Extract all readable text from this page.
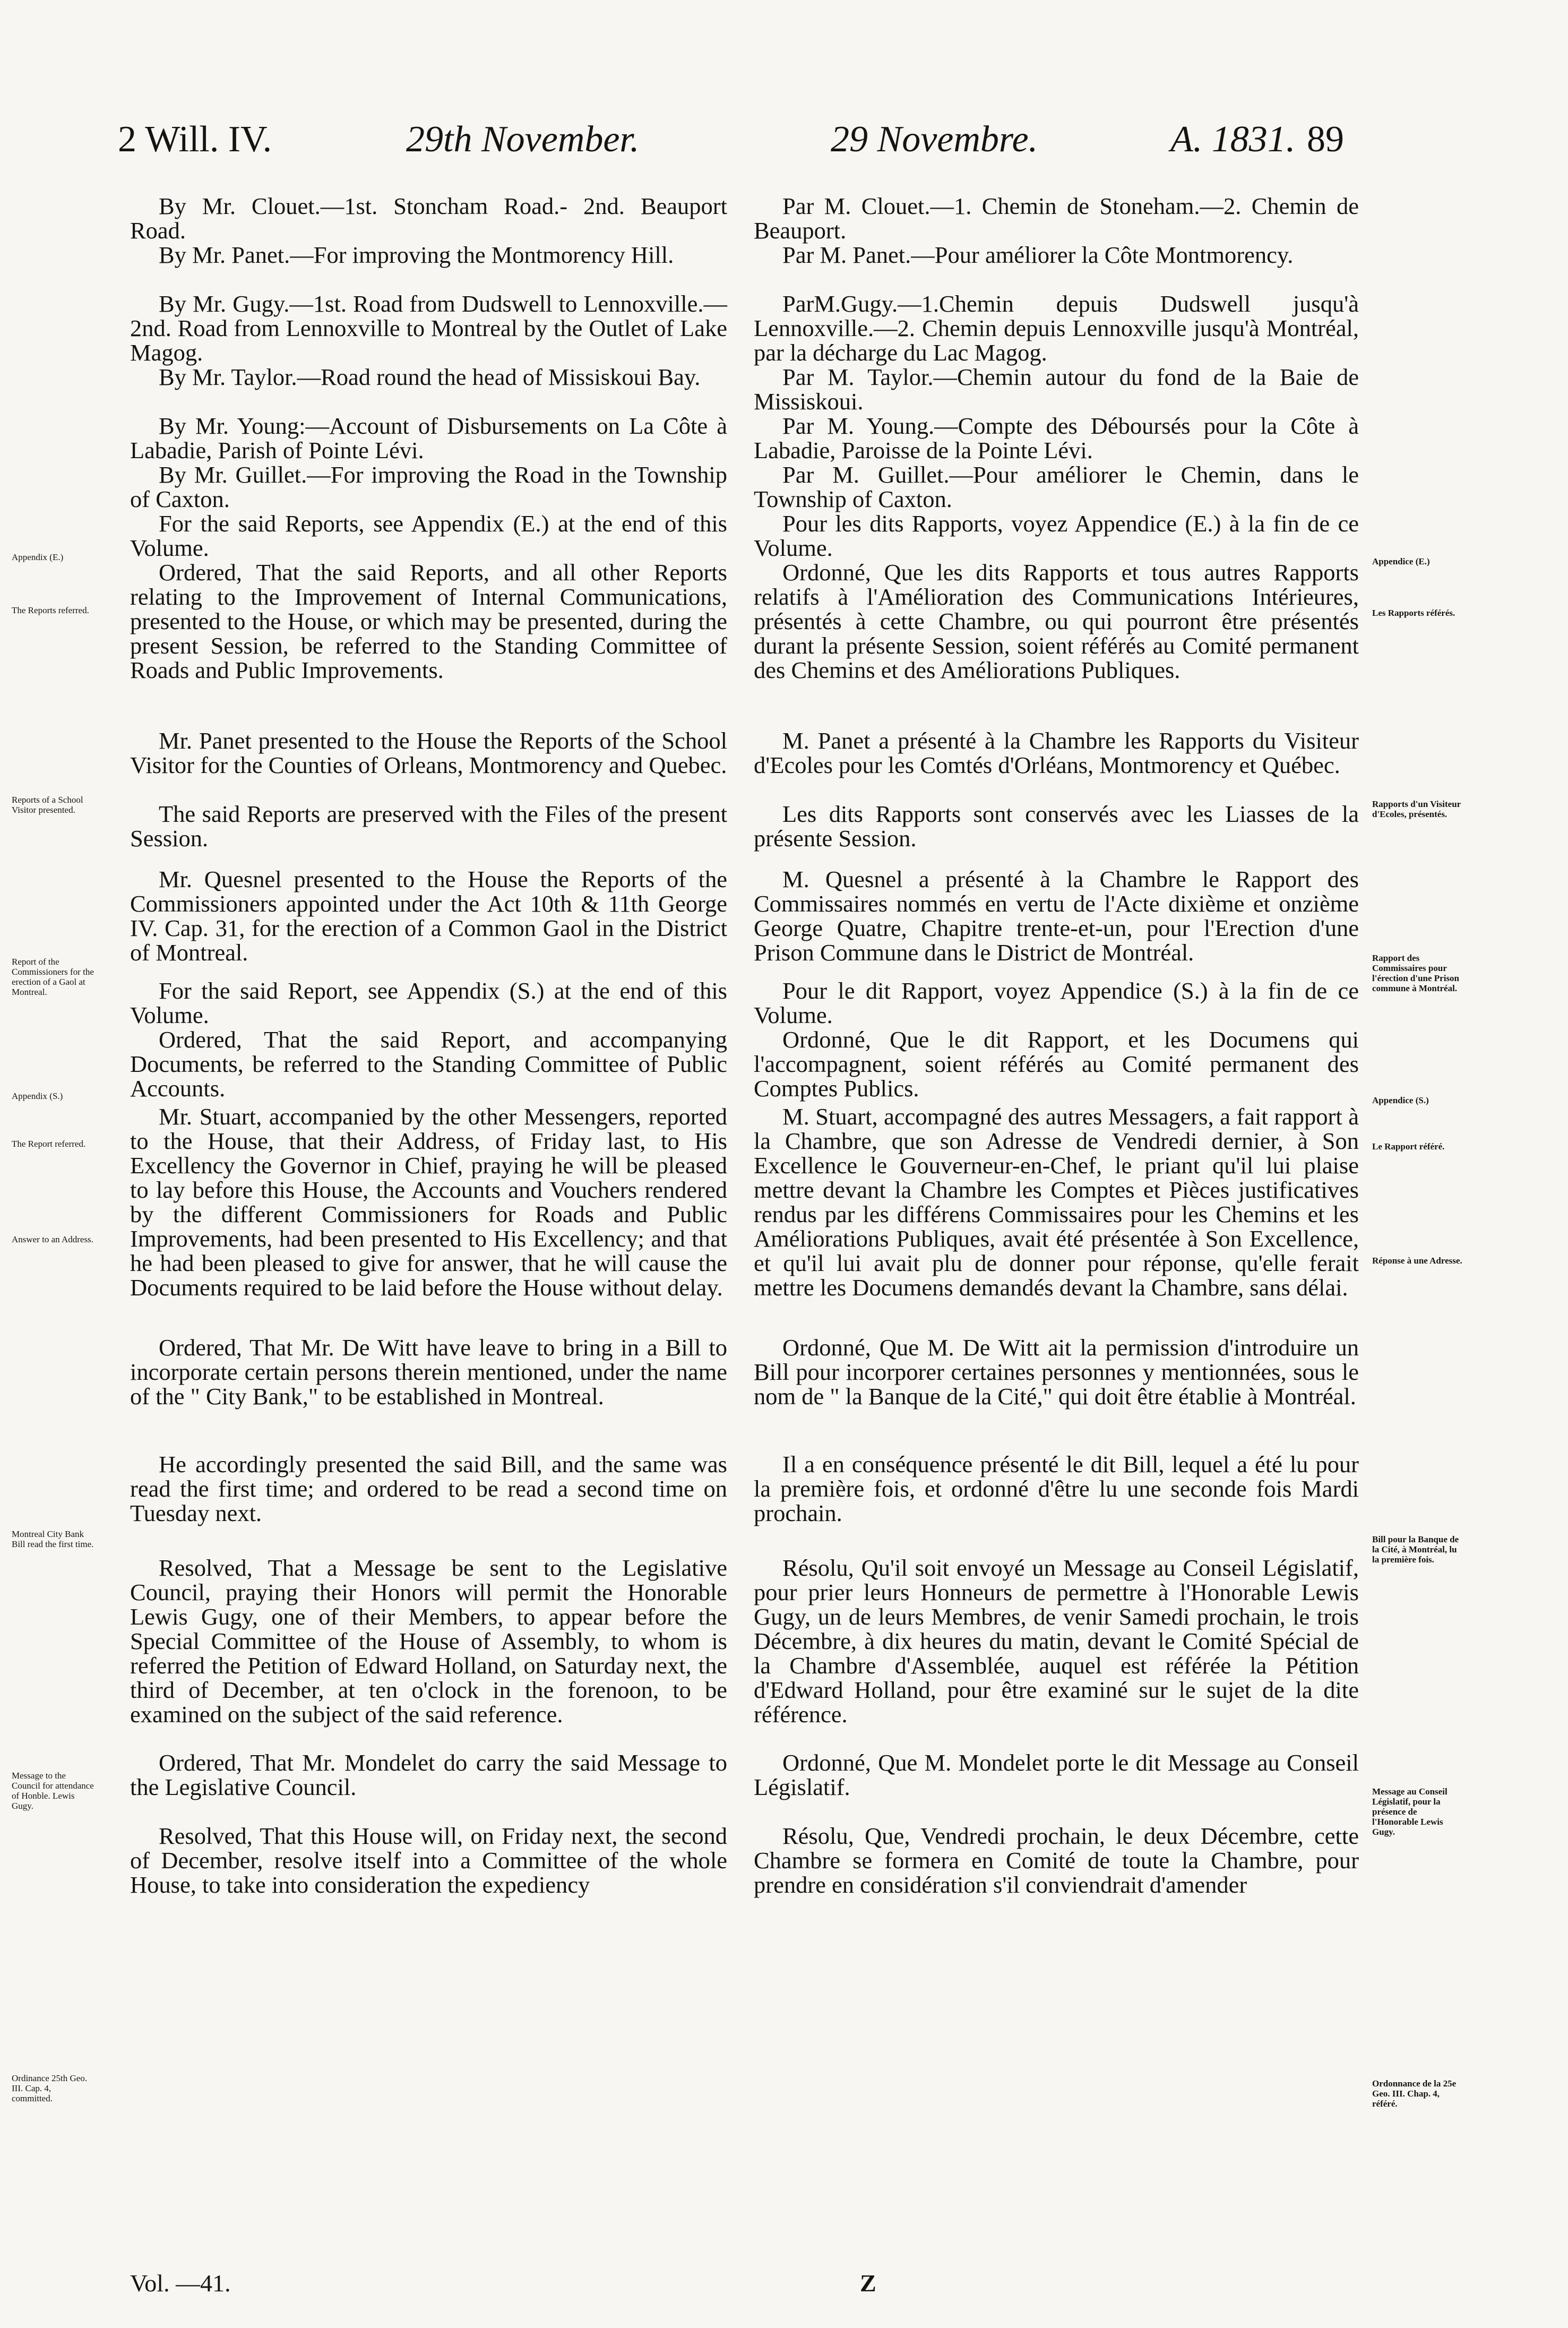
2 Will. IV.	29th November.	29 Novembre.	A. 1831. 89

By Mr. Clouet.—1st. Stoncham Road.- 2nd. Beauport Road.

By Mr. Panet.—For improving the Montmorency Hill.

By Mr. Gugy.—1st. Road from Dudswell to Lennoxville.—2nd. Road from Lennoxville to Montreal by the Outlet of Lake Magog.

By Mr. Taylor.—Road round the head of Missiskoui Bay.

By Mr. Young:—Account of Disbursements on La Côte à Labadie, Parish of Pointe Lévi.

By Mr. Guillet.—For improving the Road in the Township of Caxton.

For the said Reports, see Appendix (E.) at the end of this Volume.

Ordered, That the said Reports, and all other Reports relating to the Improvement of Internal Communications, presented to the House, or which may be presented, during the present Session, be referred to the Standing Committee of Roads and Public Improvements.

Mr. Panet presented to the House the Reports of the School Visitor for the Counties of Orleans, Montmorency and Quebec.

The said Reports are preserved with the Files of the present Session.

Mr. Quesnel presented to the House the Reports of the Commissioners appointed under the Act 10th & 11th George IV. Cap. 31, for the erection of a Common Gaol in the District of Montreal.

For the said Report, see Appendix (S.) at the end of this Volume.

Ordered, That the said Report, and accompanying Documents, be referred to the Standing Committee of Public Accounts.

Mr. Stuart, accompanied by the other Messengers, reported to the House, that their Address, of Friday last, to His Excellency the Governor in Chief, praying he will be pleased to lay before this House, the Accounts and Vouchers rendered by the different Commissioners for Roads and Public Improvements, had been presented to His Excellency; and that he had been pleased to give for answer, that he will cause the Documents required to be laid before the House without delay.

Ordered, That Mr. De Witt have leave to bring in a Bill to incorporate certain persons therein mentioned, under the name of the " City Bank," to be established in Montreal.

He accordingly presented the said Bill, and the same was read the first time; and ordered to be read a second time on Tuesday next.

Resolved, That a Message be sent to the Legislative Council, praying their Honors will permit the Honorable Lewis Gugy, one of their Members, to appear before the Special Committee of the House of Assembly, to whom is referred the Petition of Edward Holland, on Saturday next, the third of December, at ten o'clock in the forenoon, to be examined on the subject of the said reference.

Ordered, That Mr. Mondelet do carry the said Message to the Legislative Council.

Resolved, That this House will, on Friday next, the second of December, resolve itself into a Committee of the whole House, to take into consideration the expediency

Par M. Clouet.—1. Chemin de Stoneham.—2. Chemin de Beauport.

Par M. Panet.—Pour améliorer la Côte Montmorency.

ParM.Gugy.—1.Chemin depuis Dudswell jusqu'à Lennoxville.—2. Chemin depuis Lennoxville jusqu'à Montréal, par la décharge du Lac Magog.

Par M. Taylor.—Chemin autour du fond de la Baie de Missiskoui.

Par M. Young.—Compte des Déboursés pour la Côte à Labadie, Paroisse de la Pointe Lévi.

Par M. Guillet.—Pour améliorer le Chemin, dans le Township of Caxton.

Pour les dits Rapports, voyez Appendice (E.) à la fin de ce Volume.

Ordonné, Que les dits Rapports et tous autres Rapports relatifs à l'Amélioration des Communications Intérieures, présentés à cette Chambre, ou qui pourront être présentés durant la présente Session, soient référés au Comité permanent des Chemins et des Améliorations Publiques.

M. Panet a présenté à la Chambre les Rapports du Visiteur d'Ecoles pour les Comtés d'Orléans, Montmorency et Québec.

Les dits Rapports sont conservés avec les Liasses de la présente Session.

M. Quesnel a présenté à la Chambre le Rapport des Commissaires nommés en vertu de l'Acte dixième et onzième George Quatre, Chapitre trente-et-un, pour l'Erection d'une Prison Commune dans le District de Montréal.

Pour le dit Rapport, voyez Appendice (S.) à la fin de ce Volume.

Ordonné, Que le dit Rapport, et les Documens qui l'accompagnent, soient référés au Comité permanent des Comptes Publics.

M. Stuart, accompagné des autres Messagers, a fait rapport à la Chambre, que son Adresse de Vendredi dernier, à Son Excellence le Gouverneur-en-Chef, le priant qu'il lui plaise mettre devant la Chambre les Comptes et Pièces justificatives rendus par les différens Commissaires pour les Chemins et les Améliorations Publiques, avait été présentée à Son Excellence, et qu'il lui avait plu de donner pour réponse, qu'elle ferait mettre les Documens demandés devant la Chambre, sans délai.

Ordonné, Que M. De Witt ait la permission d'introduire un Bill pour incorporer certaines personnes y mentionnées, sous le nom de " la Banque de la Cité," qui doit être établie à Montréal.

Il a en conséquence présenté le dit Bill, lequel a été lu pour la première fois, et ordonné d'être lu une seconde fois Mardi prochain.

Résolu, Qu'il soit envoyé un Message au Conseil Législatif, pour prier leurs Honneurs de permettre à l'Honorable Lewis Gugy, un de leurs Membres, de venir Samedi prochain, le trois Décembre, à dix heures du matin, devant le Comité Spécial de la Chambre d'Assemblée, auquel est référée la Pétition d'Edward Holland, pour être examiné sur le sujet de la dite référence.

Ordonné, Que M. Mondelet porte le dit Message au Conseil Législatif.

Résolu, Que, Vendredi prochain, le deux Décembre, cette Chambre se formera en Comité de toute la Chambre, pour prendre en considération s'il conviendrait d'amender

Appendix (E.)
The Reports referred.
Reports of a School Visitor presented.
Report of the Commissioners for the erection of a Gaol at Montreal.
Appendix (S.)
The Report referred.
Answer to an Address.
Montreal City Bank Bill read the first time.
Message to the Council for attendance of Honble. Lewis Gugy.
Ordinance 25th Geo. III. Cap. 4, committed.
Appendice (E.)
Les Rapports référés.
Rapports d'un Visiteur d'Ecoles, présentés.
Rapport des Commissaires pour l'érection d'une Prison commune à Montréal.
Appendice (S.)
Le Rapport référé.
Réponse à une Adresse.
Bill pour la Banque de la Cité, à Montréal, lu la première fois.
Message au Conseil Législatif, pour la présence de l'Honorable Lewis Gugy.
Ordonnance de la 25e Geo. III. Chap. 4, référé.
Vol. —41.	Z
